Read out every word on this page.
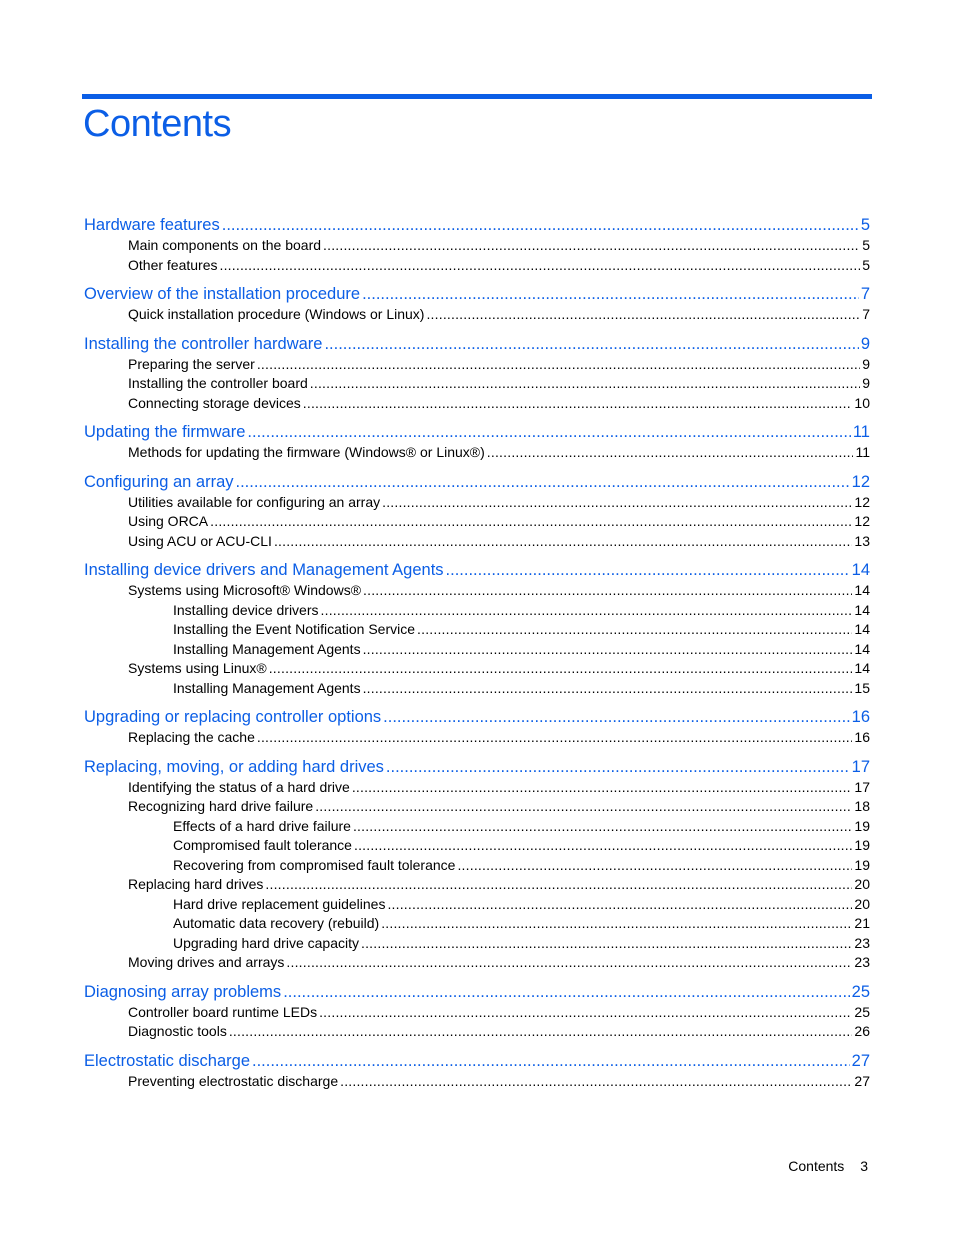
Contents
Hardware features .....	5
Main components on the board .....	5
Other features .....	5
Overview of the installation procedure .....	7
Quick installation procedure (Windows or Linux) .....	7
Installing the controller hardware .....	9
Preparing the server .....	9
Installing the controller board .....	9
Connecting storage devices .....	10
Updating the firmware .....	11
Methods for updating the firmware (Windows® or Linux®) .....	11
Configuring an array .....	12
Utilities available for configuring an array .....	12
Using ORCA .....	12
Using ACU or ACU-CLI .....	13
Installing device drivers and Management Agents .....	14
Systems using Microsoft® Windows® .....	14
Installing device drivers .....	14
Installing the Event Notification Service .....	14
Installing Management Agents .....	14
Systems using Linux® .....	14
Installing Management Agents .....	15
Upgrading or replacing controller options .....	16
Replacing the cache .....	16
Replacing, moving, or adding hard drives .....	17
Identifying the status of a hard drive .....	17
Recognizing hard drive failure .....	18
Effects of a hard drive failure .....	19
Compromised fault tolerance .....	19
Recovering from compromised fault tolerance .....	19
Replacing hard drives .....	20
Hard drive replacement guidelines .....	20
Automatic data recovery (rebuild) .....	21
Upgrading hard drive capacity .....	23
Moving drives and arrays .....	23
Diagnosing array problems .....	25
Controller board runtime LEDs .....	25
Diagnostic tools .....	26
Electrostatic discharge .....	27
Preventing electrostatic discharge .....	27
Contents 3
